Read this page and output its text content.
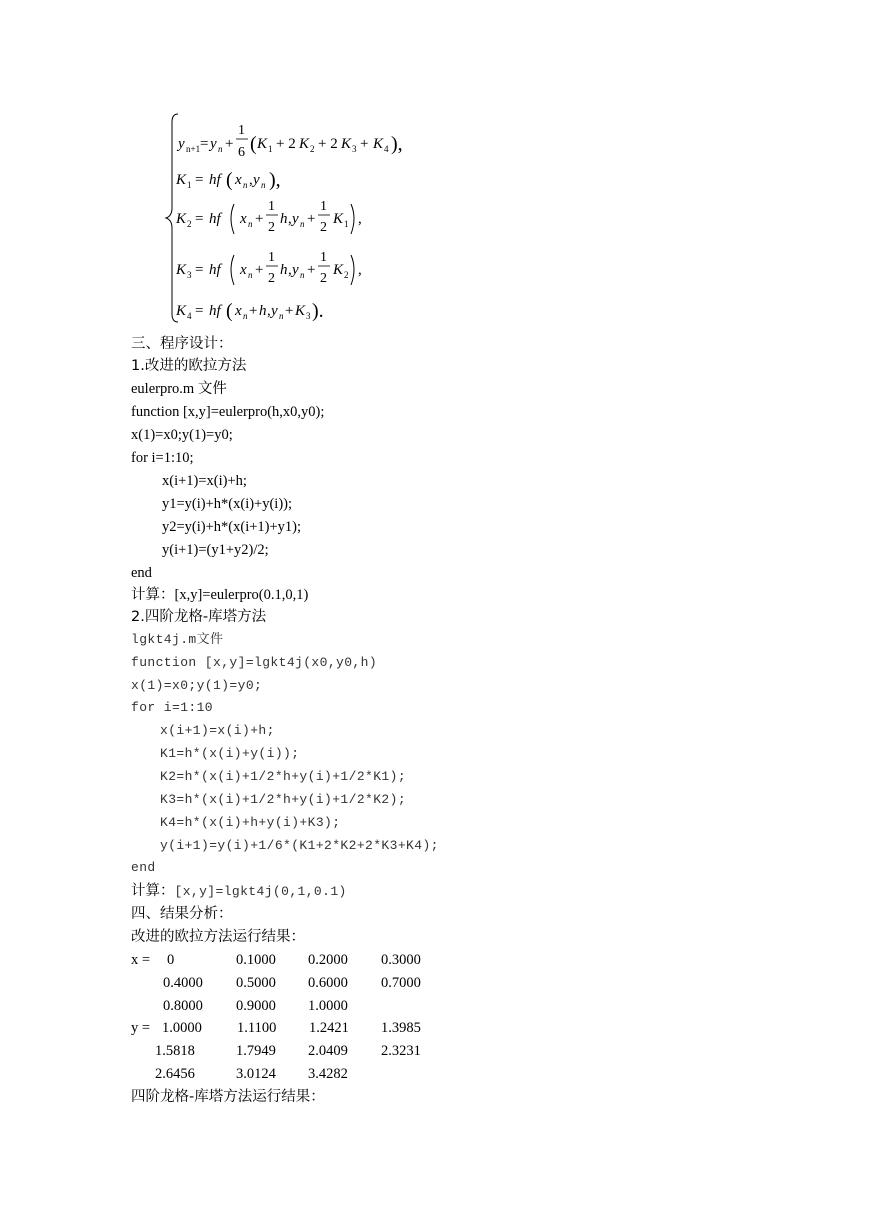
y n+1 = y n +
1
6 ( K 1 + 2 K 2 + 2 K 3 + K 4 ),
K 1 = hf ( x n , y n ),
K 2 = hf x n +
1
2
h , y n +
1
2
K 1 ,
K 3 = hf x n +
1
2
h , y n +
1
2
K 2 ,
K 4 = hf ( x n + h , y n + K 3 ).
三、程序设计：
1.改进的欧拉方法
eulerpro.m 文件
function [x,y]=eulerpro(h,x0,y0);
x(1)=x0;y(1)=y0;
for i=1:10;
x(i+1)=x(i)+h;
y1=y(i)+h*(x(i)+y(i));
y2=y(i)+h*(x(i+1)+y1);
y(i+1)=(y1+y2)/2;
end
计算：[x,y]=eulerpro(0.1,0,1)
2.四阶龙格-库塔方法
lgkt4j.m文件
function [x,y]=lgkt4j(x0,y0,h)
x(1)=x0;y(1)=y0;
for i=1:10
x(i+1)=x(i)+h;
K1=h*(x(i)+y(i));
K2=h*(x(i)+1/2*h+y(i)+1/2*K1);
K3=h*(x(i)+1/2*h+y(i)+1/2*K2);
K4=h*(x(i)+h+y(i)+K3);
y(i+1)=y(i)+1/6*(K1+2*K2+2*K3+K4);
end
计算：[x,y]=lgkt4j(0,1,0.1)
四、结果分析：
改进的欧拉方法运行结果：
x = 0	0.1000 0.2000 0.3000
0.4000 0.5000 0.6000 0.7000
0.8000 0.9000 1.0000
y = 1.0000 1.1100 1.2421 1.3985
1.5818	1.7949 2.0409 2.3231
2.6456	3.0124 3.4282
四阶龙格-库塔方法运行结果：
